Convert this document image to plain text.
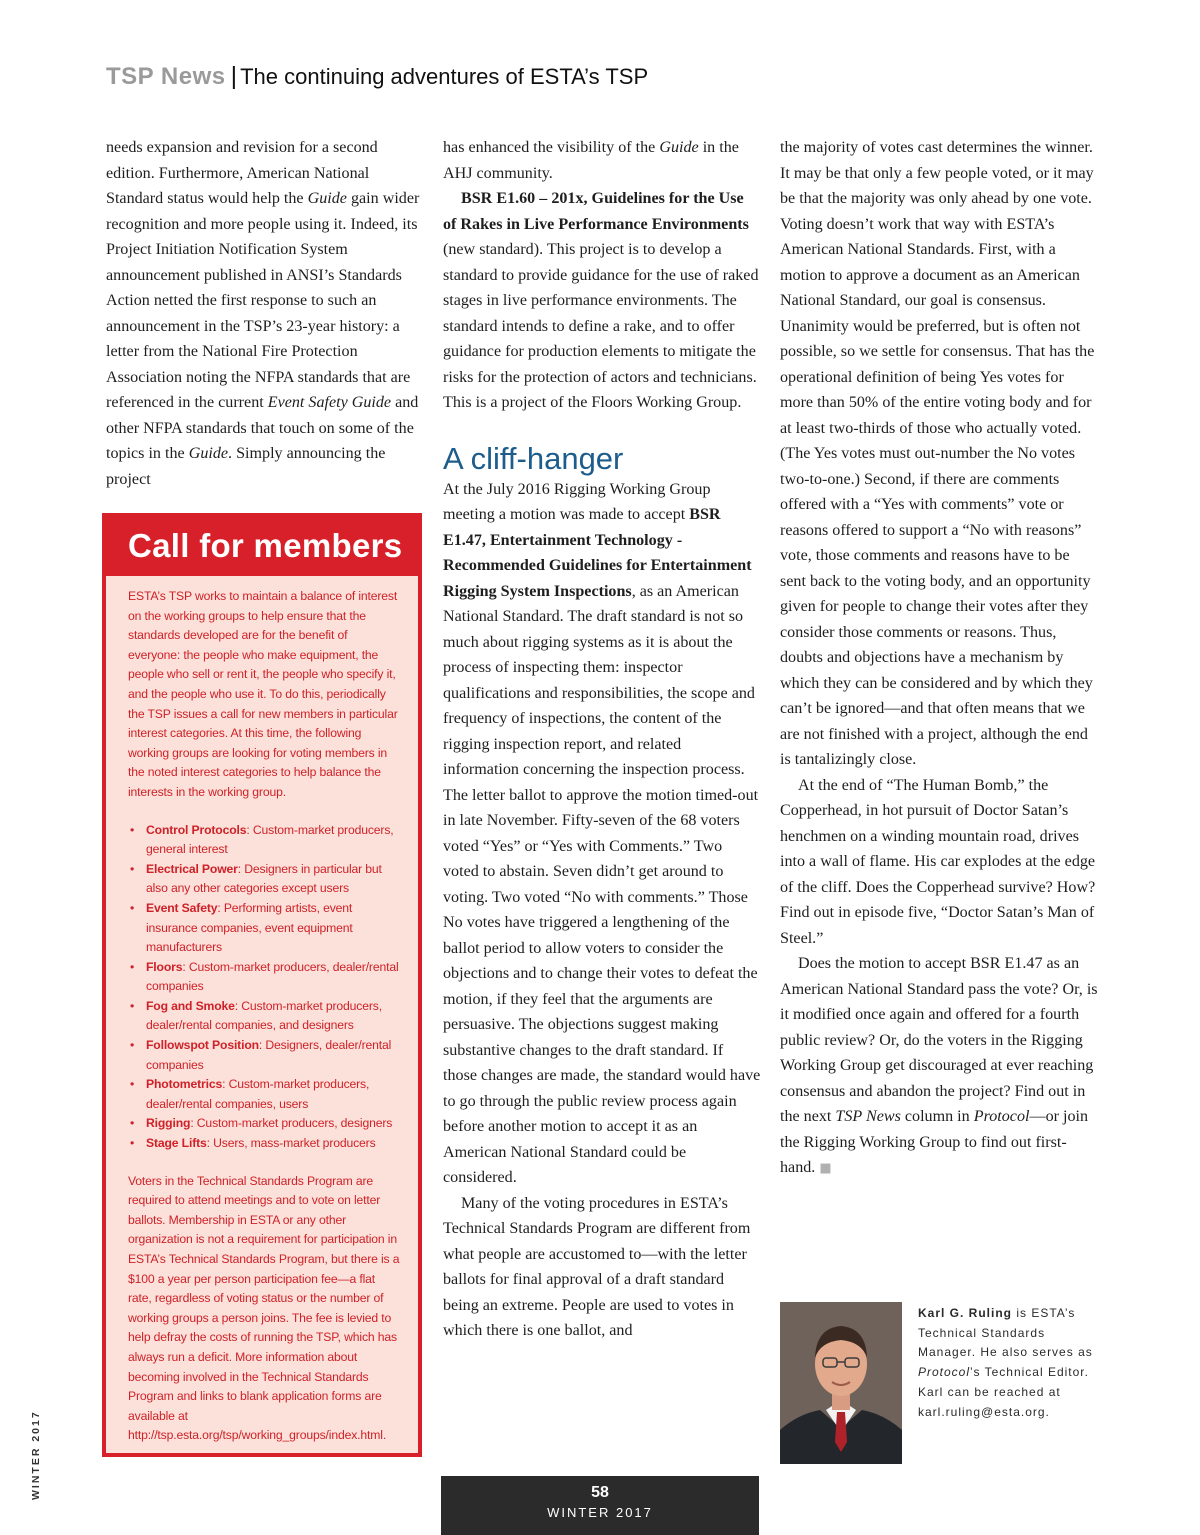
TSP News | The continuing adventures of ESTA’s TSP

needs expansion and revision for a second edition. Furthermore, American National Standard status would help the Guide gain wider recognition and more people using it. Indeed, its Project Initiation Notification System announcement published in ANSI’s Standards Action netted the first response to such an announcement in the TSP’s 23-year history: a letter from the National Fire Protection Association noting the NFPA standards that are referenced in the current Event Safety Guide and other NFPA standards that touch on some of the topics in the Guide. Simply announcing the project

Call for members

ESTA’s TSP works to maintain a balance of interest on the working groups to help ensure that the standards developed are for the benefit of everyone: the people who make equipment, the people who sell or rent it, the people who specify it, and the people who use it. To do this, periodically the TSP issues a call for new members in particular interest categories. At this time, the following working groups are looking for voting members in the noted interest categories to help balance the interests in the working group.

• Control Protocols: Custom-market producers, general interest
• Electrical Power: Designers in particular but also any other categories except users
• Event Safety: Performing artists, event insurance companies, event equipment manufacturers
• Floors: Custom-market producers, dealer/rental companies
• Fog and Smoke: Custom-market producers, dealer/rental companies, and designers
• Followspot Position: Designers, dealer/rental companies
• Photometrics: Custom-market producers, dealer/rental companies, users
• Rigging: Custom-market producers, designers
• Stage Lifts: Users, mass-market producers

Voters in the Technical Standards Program are required to attend meetings and to vote on letter ballots. Membership in ESTA or any other organization is not a requirement for participation in ESTA’s Technical Standards Program, but there is a $100 a year per person participation fee—a flat rate, regardless of voting status or the number of working groups a person joins. The fee is levied to help defray the costs of running the TSP, which has always run a deficit. More information about becoming involved in the Technical Standards Program and links to blank application forms are available at http://tsp.esta.org/tsp/working_groups/index.html.

has enhanced the visibility of the Guide in the AHJ community.

BSR E1.60 – 201x, Guidelines for the Use of Rakes in Live Performance Environments (new standard). This project is to develop a standard to provide guidance for the use of raked stages in live performance environments. The standard intends to define a rake, and to offer guidance for production elements to mitigate the risks for the protection of actors and technicians. This is a project of the Floors Working Group.

A cliff-hanger

At the July 2016 Rigging Working Group meeting a motion was made to accept BSR E1.47, Entertainment Technology - Recommended Guidelines for Entertainment Rigging System Inspections, as an American National Standard. The draft standard is not so much about rigging systems as it is about the process of inspecting them: inspector qualifications and responsibilities, the scope and frequency of inspections, the content of the rigging inspection report, and related information concerning the inspection process. The letter ballot to approve the motion timed-out in late November. Fifty-seven of the 68 voters voted “Yes” or “Yes with Comments.” Two voted to abstain. Seven didn’t get around to voting. Two voted “No with comments.” Those No votes have triggered a lengthening of the ballot period to allow voters to consider the objections and to change their votes to defeat the motion, if they feel that the arguments are persuasive. The objections suggest making substantive changes to the draft standard. If those changes are made, the standard would have to go through the public review process again before another motion to accept it as an American National Standard could be considered.

Many of the voting procedures in ESTA’s Technical Standards Program are different from what people are accustomed to—with the letter ballots for final approval of a draft standard being an extreme. People are used to votes in which there is one ballot, and

the majority of votes cast determines the winner. It may be that only a few people voted, or it may be that the majority was only ahead by one vote. Voting doesn’t work that way with ESTA’s American National Standards. First, with a motion to approve a document as an American National Standard, our goal is consensus. Unanimity would be preferred, but is often not possible, so we settle for consensus. That has the operational definition of being Yes votes for more than 50% of the entire voting body and for at least two-thirds of those who actually voted. (The Yes votes must out-number the No votes two-to-one.) Second, if there are comments offered with a “Yes with comments” vote or reasons offered to support a “No with reasons” vote, those comments and reasons have to be sent back to the voting body, and an opportunity given for people to change their votes after they consider those comments or reasons. Thus, doubts and objections have a mechanism by which they can be considered and by which they can’t be ignored—and that often means that we are not finished with a project, although the end is tantalizingly close.

At the end of “The Human Bomb,” the Copperhead, in hot pursuit of Doctor Satan’s henchmen on a winding mountain road, drives into a wall of flame. His car explodes at the edge of the cliff. Does the Copperhead survive? How? Find out in episode five, “Doctor Satan’s Man of Steel.”

Does the motion to accept BSR E1.47 as an American National Standard pass the vote? Or, is it modified once again and offered for a fourth public review? Or, do the voters in the Rigging Working Group get discouraged at ever reaching consensus and abandon the project? Find out in the next TSP News column in Protocol—or join the Rigging Working Group to find out first-hand. ■

Karl G. Ruling is ESTA’s Technical Standards Manager. He also serves as Protocol’s Technical Editor. Karl can be reached at karl.ruling@esta.org.

WINTER 2017	58
WINTER 2017
